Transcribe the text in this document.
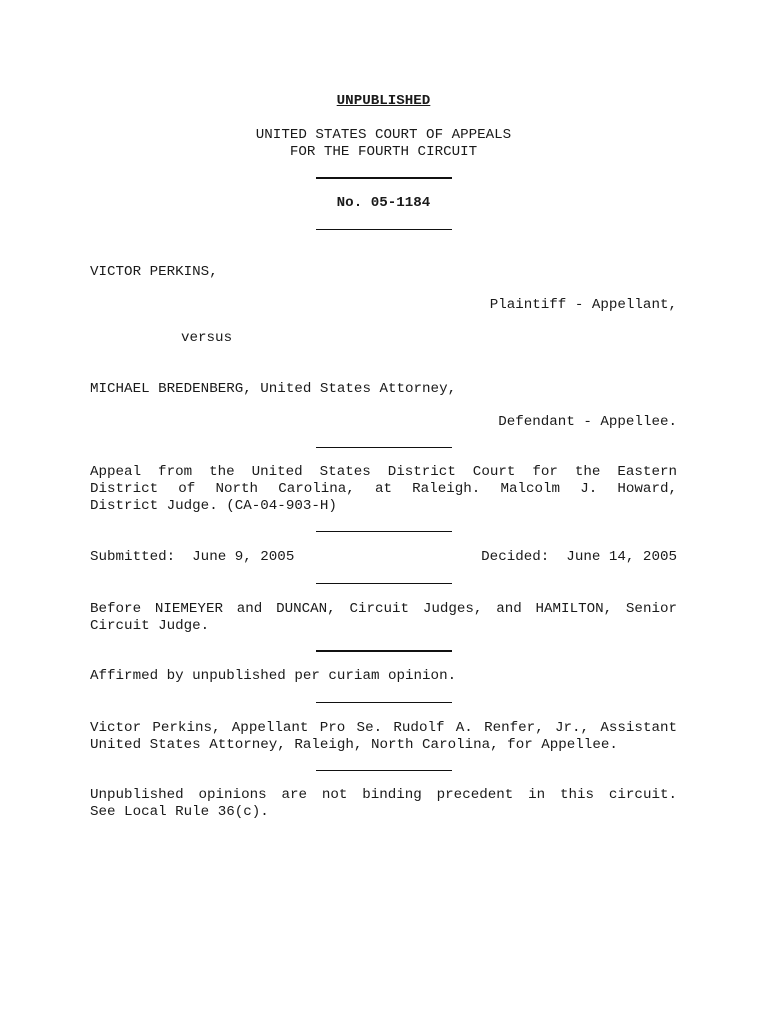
UNPUBLISHED
UNITED STATES COURT OF APPEALS
FOR THE FOURTH CIRCUIT
No. 05-1184
VICTOR PERKINS,
Plaintiff - Appellant,
versus
MICHAEL BREDENBERG, United States Attorney,
Defendant - Appellee.
Appeal from the United States District Court for the Eastern
District of North Carolina, at Raleigh. Malcolm J. Howard,
District Judge. (CA-04-903-H)
Submitted:  June 9, 2005	Decided:  June 14, 2005
Before NIEMEYER and DUNCAN, Circuit Judges, and HAMILTON, Senior
Circuit Judge.
Affirmed by unpublished per curiam opinion.
Victor Perkins, Appellant Pro Se. Rudolf A. Renfer, Jr., Assistant
United States Attorney, Raleigh, North Carolina, for Appellee.
Unpublished opinions are not binding precedent in this circuit.
See Local Rule 36(c).
